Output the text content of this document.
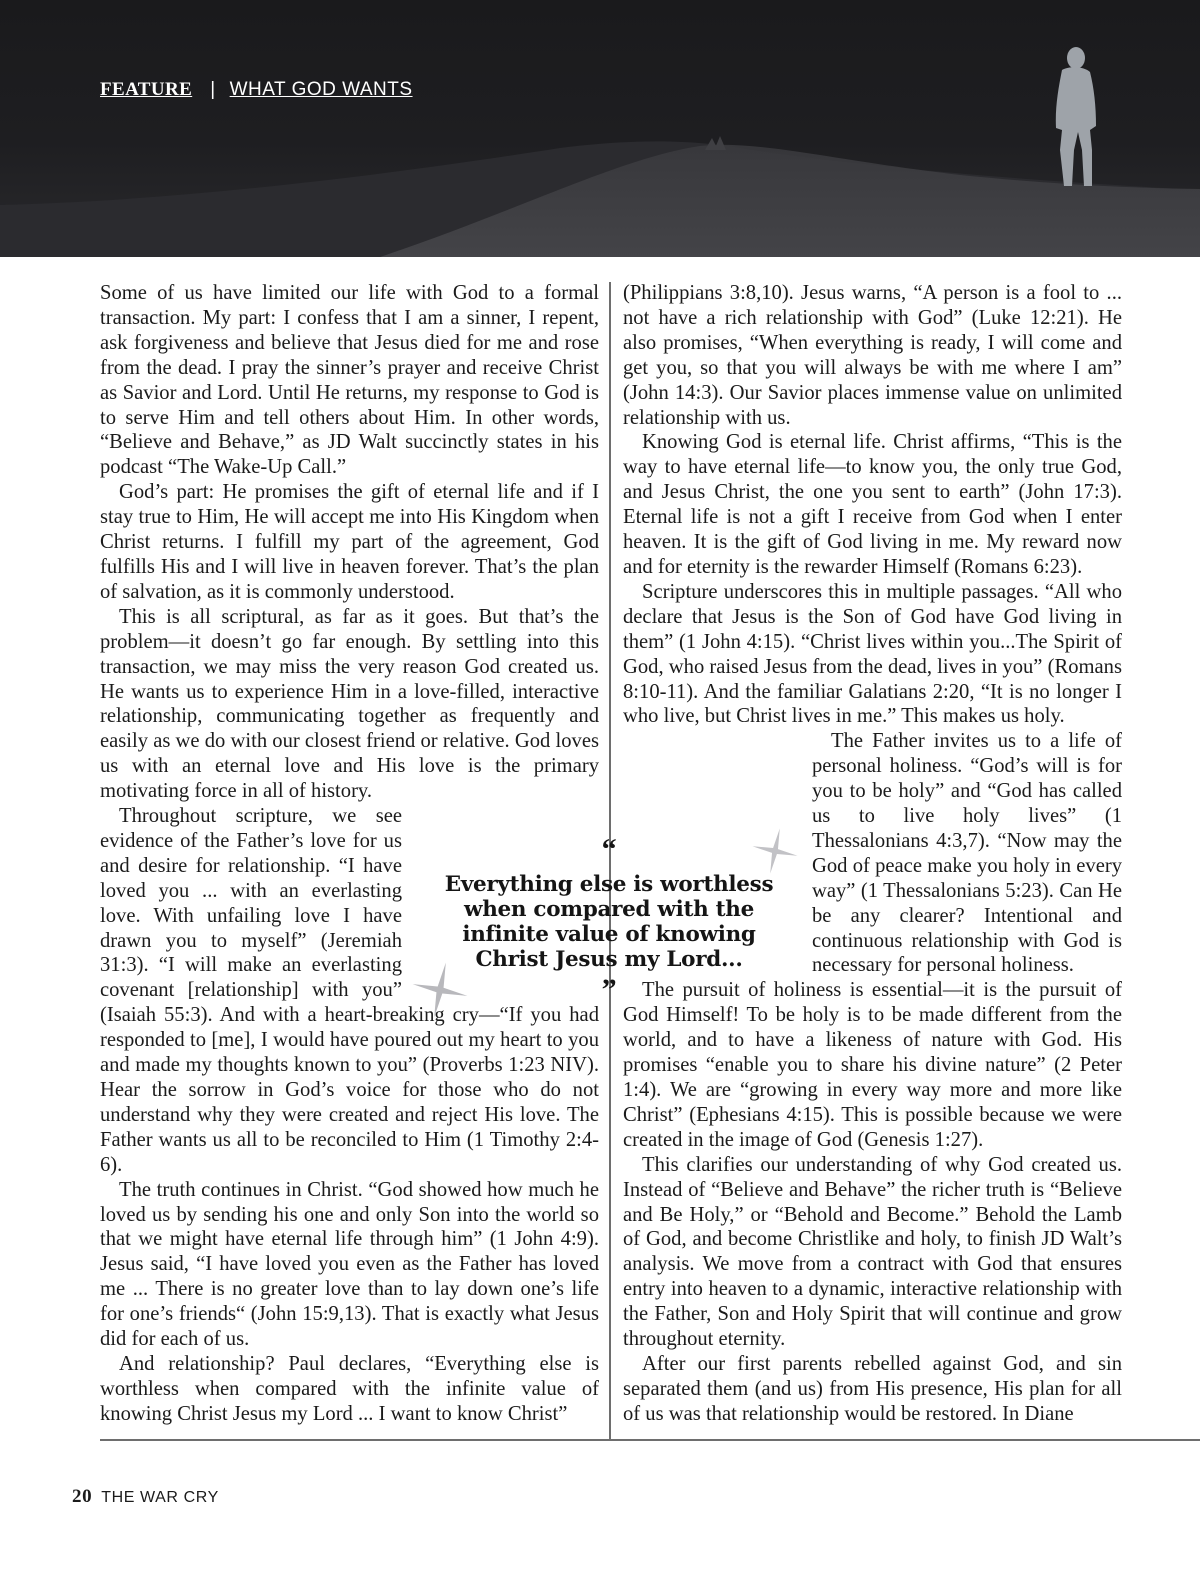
FEATURE | WHAT GOD WANTS

Some of us have limited our life with God to a formal transaction. My part: I confess that I am a sinner, I repent, ask forgiveness and believe that Jesus died for me and rose from the dead. I pray the sinner’s prayer and receive Christ as Savior and Lord. Until He returns, my response to God is to serve Him and tell others about Him. In other words, “Believe and Behave,” as JD Walt succinctly states in his podcast “The Wake-Up Call.”

God’s part: He promises the gift of eternal life and if I stay true to Him, He will accept me into His Kingdom when Christ returns. I fulfill my part of the agreement, God fulfills His and I will live in heaven forever. That’s the plan of salvation, as it is commonly understood.

This is all scriptural, as far as it goes. But that’s the problem—it doesn’t go far enough. By settling into this transaction, we may miss the very reason God created us. He wants us to experience Him in a love-filled, interactive relationship, communicating together as frequently and easily as we do with our closest friend or relative. God loves us with an eternal love and His love is the primary motivating force in all of history.

Throughout scripture, we see evidence of the Father’s love for us and desire for relationship. “I have loved you ... with an everlasting love. With unfailing love I have drawn you to myself” (Jeremiah 31:3). “I will make an everlasting covenant [relationship] with you” (Isaiah 55:3). And with a heart-breaking cry—“If you had responded to [me], I would have poured out my heart to you and made my thoughts known to you” (Proverbs 1:23 NIV). Hear the sorrow in God’s voice for those who do not understand why they were created and reject His love. The Father wants us all to be reconciled to Him (1 Timothy 2:4-6).

The truth continues in Christ. “God showed how much he loved us by sending his one and only Son into the world so that we might have eternal life through him” (1 John 4:9). Jesus said, “I have loved you even as the Father has loved me ... There is no greater love than to lay down one’s life for one’s friends“ (John 15:9,13). That is exactly what Jesus did for each of us.

And relationship? Paul declares, “Everything else is worthless when compared with the infinite value of knowing Christ Jesus my Lord ... I want to know Christ”

(Philippians 3:8,10). Jesus warns, “A person is a fool to ... not have a rich relationship with God” (Luke 12:21). He also promises, “When everything is ready, I will come and get you, so that you will always be with me where I am” (John 14:3). Our Savior places immense value on unlimited relationship with us.

Knowing God is eternal life. Christ affirms, “This is the way to have eternal life—to know you, the only true God, and Jesus Christ, the one you sent to earth” (John 17:3). Eternal life is not a gift I receive from God when I enter heaven. It is the gift of God living in me. My reward now and for eternity is the rewarder Himself (Romans 6:23).

Scripture underscores this in multiple passages. “All who declare that Jesus is the Son of God have God living in them” (1 John 4:15). “Christ lives within you...The Spirit of God, who raised Jesus from the dead, lives in you” (Romans 8:10-11). And the familiar Galatians 2:20, “It is no longer I who live, but Christ lives in me.” This makes us holy.

The Father invites us to a life of personal holiness. “God’s will is for you to be holy” and “God has called us to live holy lives” (1 Thessalonians 4:3,7). “Now may the God of peace make you holy in every way” (1 Thessalonians 5:23). Can He be any clearer? Intentional and continuous relationship with God is necessary for personal holiness.

The pursuit of holiness is essential—it is the pursuit of God Himself! To be holy is to be made different from the world, and to have a likeness of nature with God. His promises “enable you to share his divine nature” (2 Peter 1:4). We are “growing in every way more and more like Christ” (Ephesians 4:15). This is possible because we were created in the image of God (Genesis 1:27).

This clarifies our understanding of why God created us. Instead of “Believe and Behave” the richer truth is “Believe and Be Holy,” or “Behold and Become.” Behold the Lamb of God, and become Christlike and holy, to finish JD Walt’s analysis. We move from a contract with God that ensures entry into heaven to a dynamic, interactive relationship with the Father, Son and Holy Spirit that will continue and grow throughout eternity.

After our first parents rebelled against God, and sin separated them (and us) from His presence, His plan for all of us was that relationship would be restored. In Diane

“
Everything else is worthless when compared with the infinite value of knowing Christ Jesus my Lord...
”
20 THE WAR CRY
